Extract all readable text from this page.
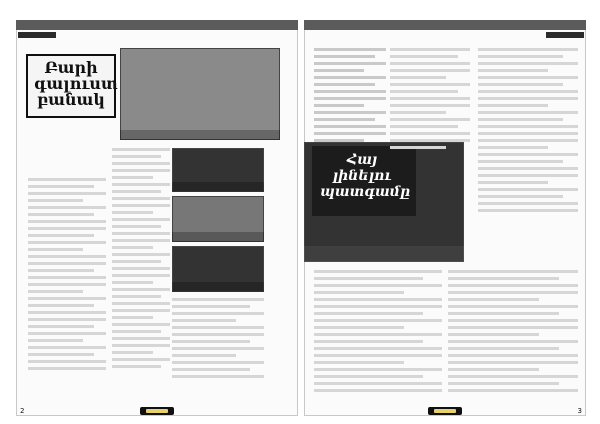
Բարի
գալուստ
բանակ
2
Հայ լինելու
պատգամը
3
